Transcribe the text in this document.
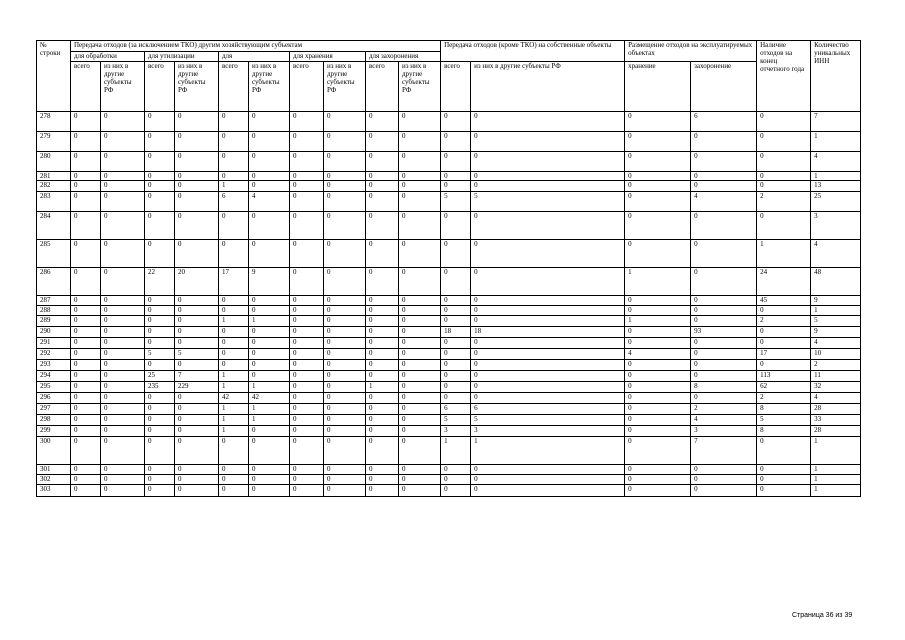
№ строки	Передача отходов (за исключением ТКО) другим хозяйствующим субъектам										Передача отходов (кроме ТКО) на собственные объекты		Размещение отходов на эксплуатируемых объектах		Наличие отходов на конец отчетного года	Количество уникальных ИНН	
	для обработки		для утилизации		для		для хранения		для захоронения								
	всего	из них в другие субъекты РФ	всего	из них в другие субъекты РФ	всего	из них в другие субъекты РФ	всего	из них в другие субъекты РФ	всего	из них в другие субъекты РФ	всего	из них в другие субъекты РФ	хранение	захоронение			
278	0	0	0	0	0	0	0	0	0	0	0	0	0	6	0	7	
279	0	0	0	0	0	0	0	0	0	0	0	0	0	0	0	1	
280	0	0	0	0	0	0	0	0	0	0	0	0	0	0	0	4	
281	0	0	0	0	0	0	0	0	0	0	0	0	0	0	0	1	
282	0	0	0	0	1	0	0	0	0	0	0	0	0	0	0	13	
283	0	0	0	0	6	4	0	0	0	0	5	5	0	4	2	25	
284	0	0	0	0	0	0	0	0	0	0	0	0	0	0	0	3	
285	0	0	0	0	0	0	0	0	0	0	0	0	0	0	1	4	
286	0	0	22	20	17	9	0	0	0	0	0	0	1	0	24	48	
287	0	0	0	0	0	0	0	0	0	0	0	0	0	0	45	9	
288	0	0	0	0	0	0	0	0	0	0	0	0	0	0	0	1	
289	0	0	0	0	1	1	0	0	0	0	0	0	1	0	2	5	
290	0	0	0	0	0	0	0	0	0	0	18	18	0	93	0	9	
291	0	0	0	0	0	0	0	0	0	0	0	0	0	0	0	4	
292	0	0	5	5	0	0	0	0	0	0	0	0	4	0	17	10	
293	0	0	0	0	0	0	0	0	0	0	0	0	0	0	0	2	
294	0	0	25	7	1	0	0	0	0	0	0	0	0	0	113	11	
295	0	0	235	229	1	1	0	0	1	0	0	0	0	8	62	32	
296	0	0	0	0	42	42	0	0	0	0	0	0	0	0	2	4	
297	0	0	0	0	1	1	0	0	0	0	6	6	0	2	8	28	
298	0	0	0	0	1	1	0	0	0	0	5	5	0	4	5	33	
299	0	0	0	0	1	0	0	0	0	0	3	3	0	3	8	28	
300	0	0	0	0	0	0	0	0	0	0	1	1	0	7	0	1	
301	0	0	0	0	0	0	0	0	0	0	0	0	0	0	0	1	
302	0	0	0	0	0	0	0	0	0	0	0	0	0	0	0	1	
303	0	0	0	0	0	0	0	0	0	0	0	0	0	0	0	1	
Страница 36 из 39
